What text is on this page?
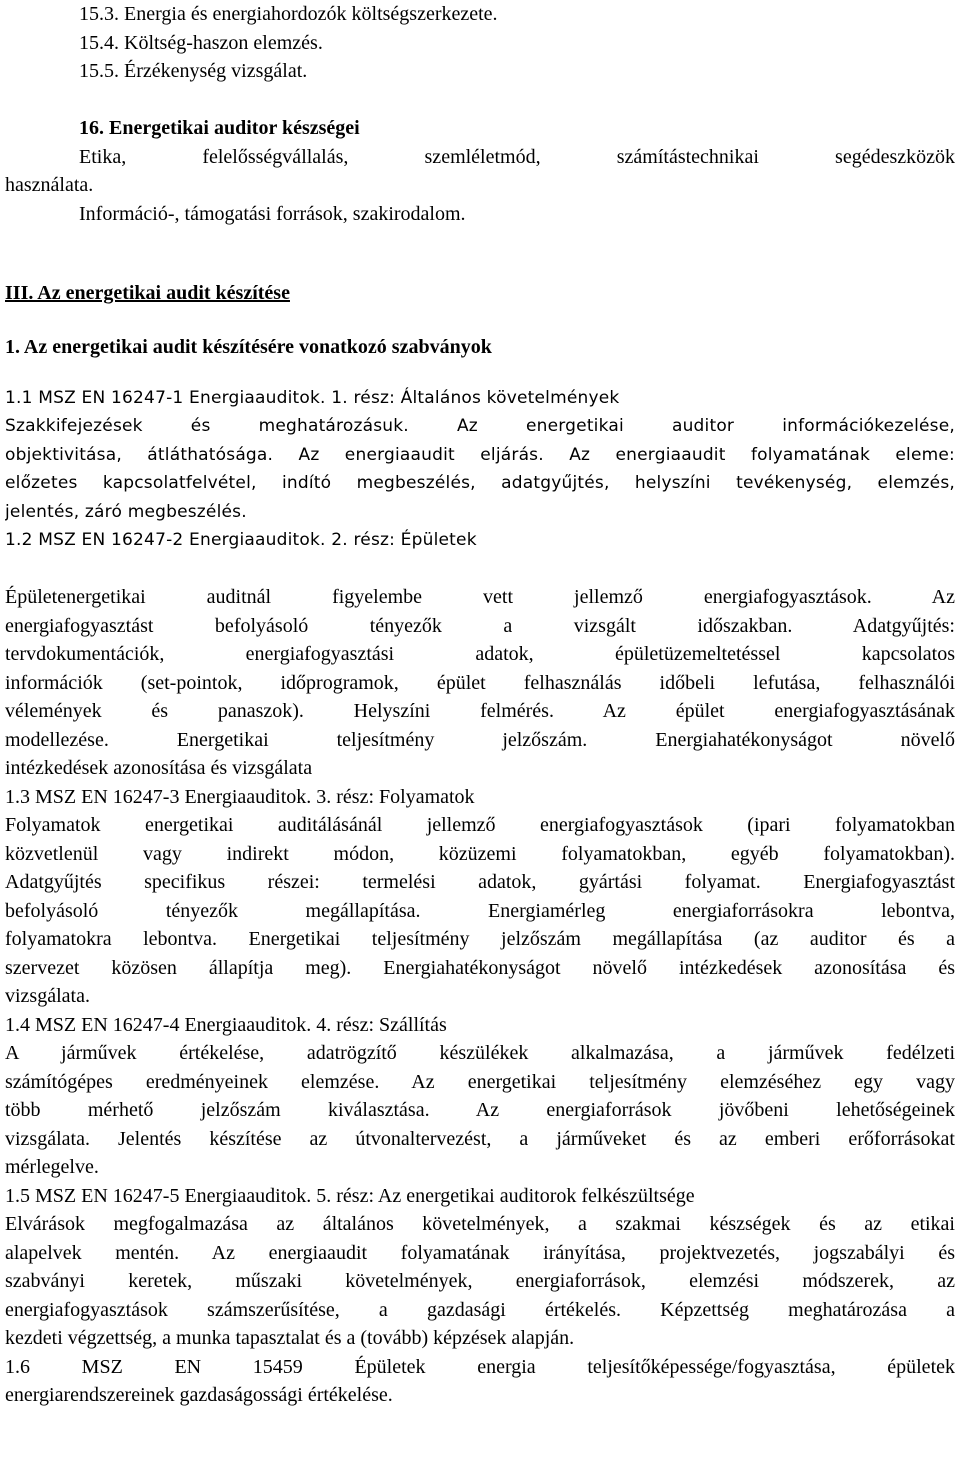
15.3. Energia és energiahordozók költségszerkezete.
15.4. Költség-haszon elemzés.
15.5. Érzékenység vizsgálat.
16. Energetikai auditor készségei
Etika, felelősségvállalás, szemléletmód, számítástechnikai segédeszközök
használata.
Információ-, támogatási források, szakirodalom.
III. Az energetikai audit készítése
1. Az energetikai audit készítésére vonatkozó szabványok
1.1 MSZ EN 16247-1 Energiaauditok. 1. rész: Általános követelmények
Szakkifejezések és meghatározásuk. Az energetikai auditor információkezelése,
objektivitása, átláthatósága. Az energiaaudit eljárás. Az energiaaudit folyamatának eleme:
előzetes kapcsolatfelvétel, indító megbeszélés, adatgyűjtés, helyszíni tevékenység, elemzés,
jelentés, záró megbeszélés.
1.2 MSZ EN 16247-2 Energiaauditok. 2. rész: Épületek
Épületenergetikai auditnál figyelembe vett jellemző energiafogyasztások. Az
energiafogyasztást befolyásoló tényezők a vizsgált időszakban. Adatgyűjtés:
tervdokumentációk, energiafogyasztási adatok, épületüzemeltetéssel kapcsolatos
információk (set-pointok, időprogramok, épület felhasználás időbeli lefutása, felhasználói
vélemények és panaszok). Helyszíni felmérés. Az épület energiafogyasztásának
modellezése. Energetikai teljesítmény jelzőszám. Energiahatékonyságot növelő
intézkedések azonosítása és vizsgálata
1.3 MSZ EN 16247-3 Energiaauditok. 3. rész: Folyamatok
Folyamatok energetikai auditálásánál jellemző energiafogyasztások (ipari folyamatokban
közvetlenül vagy indirekt módon, közüzemi folyamatokban, egyéb folyamatokban).
Adatgyűjtés specifikus részei: termelési adatok, gyártási folyamat. Energiafogyasztást
befolyásoló tényezők megállapítása. Energiamérleg energiaforrásokra lebontva,
folyamatokra lebontva. Energetikai teljesítmény jelzőszám megállapítása (az auditor és a
szervezet közösen állapítja meg). Energiahatékonyságot növelő intézkedések azonosítása és
vizsgálata.
1.4 MSZ EN 16247-4 Energiaauditok. 4. rész: Szállítás
A járművek értékelése, adatrögzítő készülékek alkalmazása, a járművek fedélzeti
számítógépes eredményeinek elemzése. Az energetikai teljesítmény elemzéséhez egy vagy
több mérhető jelzőszám kiválasztása. Az energiaforrások jövőbeni lehetőségeinek
vizsgálata. Jelentés készítése az útvonaltervezést, a járműveket és az emberi erőforrásokat
mérlegelve.
1.5 MSZ EN 16247-5 Energiaauditok. 5. rész: Az energetikai auditorok felkészültsége
Elvárások megfogalmazása az általános követelmények, a szakmai készségek és az etikai
alapelvek mentén. Az energiaaudit folyamatának irányítása, projektvezetés, jogszabályi és
szabványi keretek, műszaki követelmények, energiaforrások, elemzési módszerek, az
energiafogyasztások számszerűsítése, a gazdasági értékelés. Képzettség meghatározása a
kezdeti végzettség, a munka tapasztalat és a (tovább) képzések alapján.
1.6 MSZ EN 15459 Épületek energia teljesítőképessége/fogyasztása, épületek
energiarendszereinek gazdaságossági értékelése.
